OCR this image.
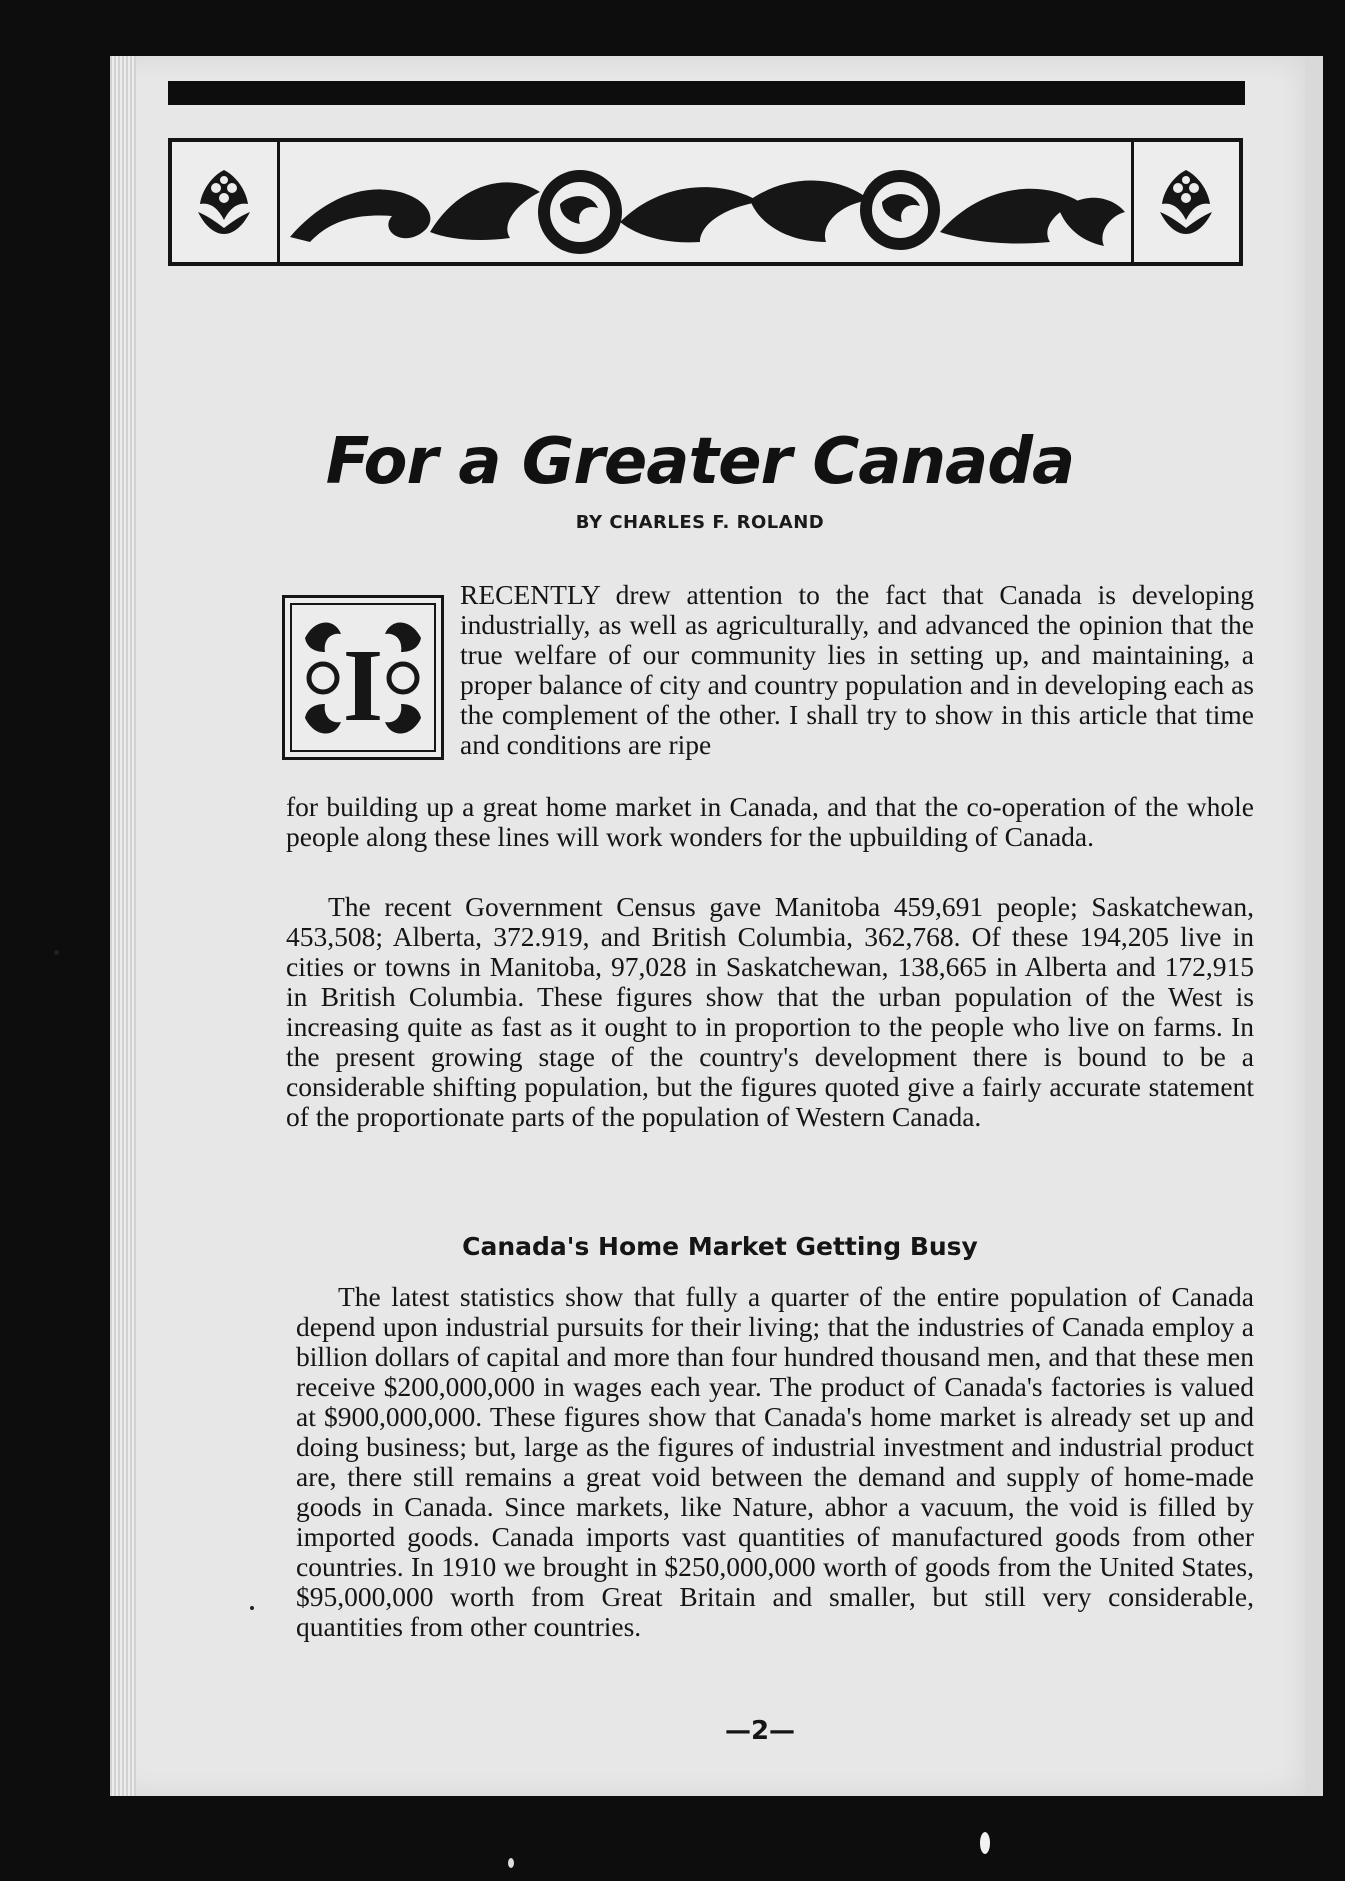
For a Greater Canada
BY CHARLES F. ROLAND
I

RECENTLY drew attention to the fact that Canada is developing industrially, as well as agriculturally, and advanced the opinion that the true welfare of our community lies in setting up, and maintaining, a proper balance of city and country population and in developing each as the complement of the other. I shall try to show in this article that time and conditions are ripe

for building up a great home market in Canada, and that the co-operation of the whole people along these lines will work wonders for the upbuilding of Canada.

The recent Government Census gave Manitoba 459,691 people; Saskatchewan, 453,508; Alberta, 372.919, and British Columbia, 362,768. Of these 194,205 live in cities or towns in Manitoba, 97,028 in Saskatchewan, 138,665 in Alberta and 172,915 in British Columbia. These figures show that the urban population of the West is increasing quite as fast as it ought to in proportion to the people who live on farms. In the present growing stage of the country's development there is bound to be a considerable shifting population, but the figures quoted give a fairly accurate statement of the proportionate parts of the population of Western Canada.

Canada's Home Market Getting Busy

The latest statistics show that fully a quarter of the entire population of Canada depend upon industrial pursuits for their living; that the industries of Canada employ a billion dollars of capital and more than four hundred thousand men, and that these men receive $200,000,000 in wages each year. The product of Canada's factories is valued at $900,000,000. These figures show that Canada's home market is already set up and doing business; but, large as the figures of industrial investment and industrial product are, there still remains a great void between the demand and supply of home-made goods in Canada. Since markets, like Nature, abhor a vacuum, the void is filled by imported goods. Canada imports vast quantities of manufactured goods from other countries. In 1910 we brought in $250,000,000 worth of goods from the United States, $95,000,000 worth from Great Britain and smaller, but still very considerable, quantities from other countries.

—2—
